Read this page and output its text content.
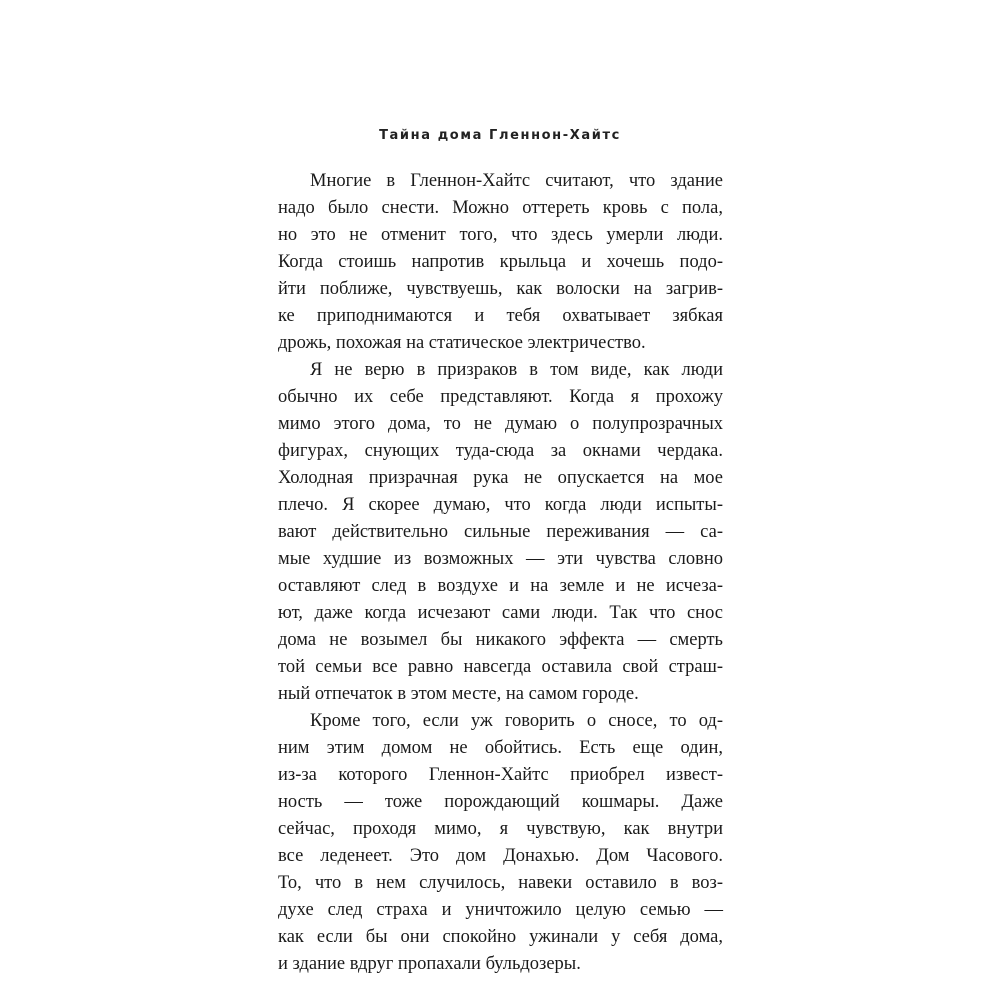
Тайна дома Гленнон-Хайтс
Многие в Гленнон-Хайтс считают, что здание
надо было снести. Можно оттереть кровь с пола,
но это не отменит того, что здесь умерли люди.
Когда стоишь напротив крыльца и хочешь подо-
йти поближе, чувствуешь, как волоски на загрив-
ке приподнимаются и тебя охватывает зябкая
дрожь, похожая на статическое электричество.
Я не верю в призраков в том виде, как люди
обычно их себе представляют. Когда я прохожу
мимо этого дома, то не думаю о полупрозрачных
фигурах, снующих туда-сюда за окнами чердака.
Холодная призрачная рука не опускается на мое
плечо. Я скорее думаю, что когда люди испыты-
вают действительно сильные переживания — са-
мые худшие из возможных — эти чувства словно
оставляют след в воздухе и на земле и не исчеза-
ют, даже когда исчезают сами люди. Так что снос
дома не возымел бы никакого эффекта — смерть
той семьи все равно навсегда оставила свой страш-
ный отпечаток в этом месте, на самом городе.
Кроме того, если уж говорить о сносе, то од-
ним этим домом не обойтись. Есть еще один,
из-за которого Гленнон-Хайтс приобрел извест-
ность — тоже порождающий кошмары. Даже
сейчас, проходя мимо, я чувствую, как внутри
все леденеет. Это дом Донахью. Дом Часового.
То, что в нем случилось, навеки оставило в воз-
духе след страха и уничтожило целую семью —
как если бы они спокойно ужинали у себя дома,
и здание вдруг пропахали бульдозеры.
